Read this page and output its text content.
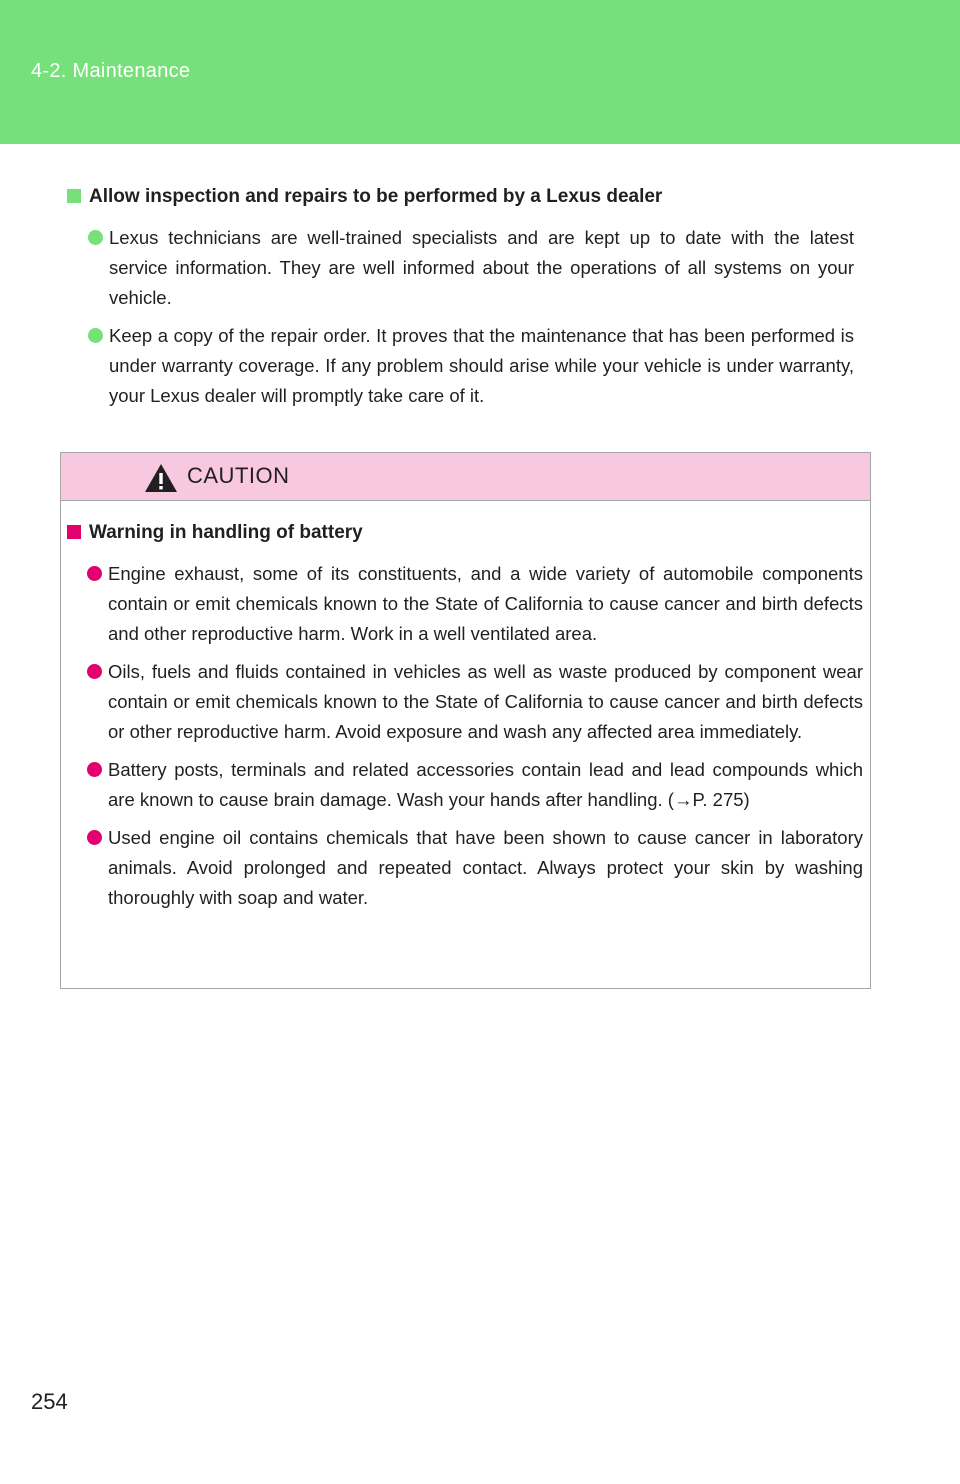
4-2. Maintenance
Allow inspection and repairs to be performed by a Lexus dealer
Lexus technicians are well-trained specialists and are kept up to date with the latest service information. They are well informed about the operations of all systems on your vehicle.
Keep a copy of the repair order. It proves that the maintenance that has been performed is under warranty coverage. If any problem should arise while your vehicle is under warranty, your Lexus dealer will promptly take care of it.
CAUTION
Warning in handling of battery
Engine exhaust, some of its constituents, and a wide variety of automobile components contain or emit chemicals known to the State of California to cause cancer and birth defects and other reproductive harm. Work in a well ventilated area.
Oils, fuels and fluids contained in vehicles as well as waste produced by component wear contain or emit chemicals known to the State of California to cause cancer and birth defects or other reproductive harm. Avoid exposure and wash any affected area immediately.
Battery posts, terminals and related accessories contain lead and lead compounds which are known to cause brain damage. Wash your hands after handling. (→P. 275)
Used engine oil contains chemicals that have been shown to cause cancer in laboratory animals. Avoid prolonged and repeated contact. Always protect your skin by washing thoroughly with soap and water.
254
